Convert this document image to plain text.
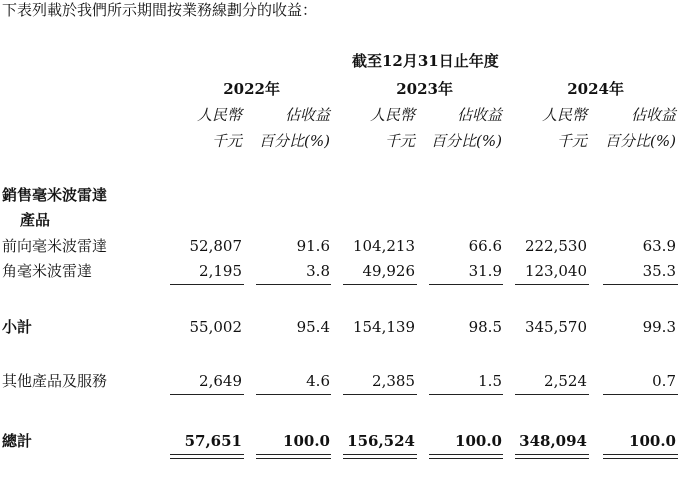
下表列載於我們所示期間按業務線劃分的收益：
截至12月31日止年度
2022年	2023年	2024年
人民幣	佔收益	人民幣	佔收益	人民幣	佔收益
千元	百分比(%)	千元	百分比(%)	千元	百分比(%)
銷售毫米波雷達
產品
前向毫米波雷達	52,807	91.6	104,213	66.6	222,530	63.9
角毫米波雷達	2,195	3.8	49,926	31.9	123,040	35.3
小計	55,002	95.4	154,139	98.5	345,570	99.3
其他產品及服務	2,649	4.6	2,385	1.5	2,524	0.7
總計	57,651	100.0	156,524	100.0	348,094	100.0
